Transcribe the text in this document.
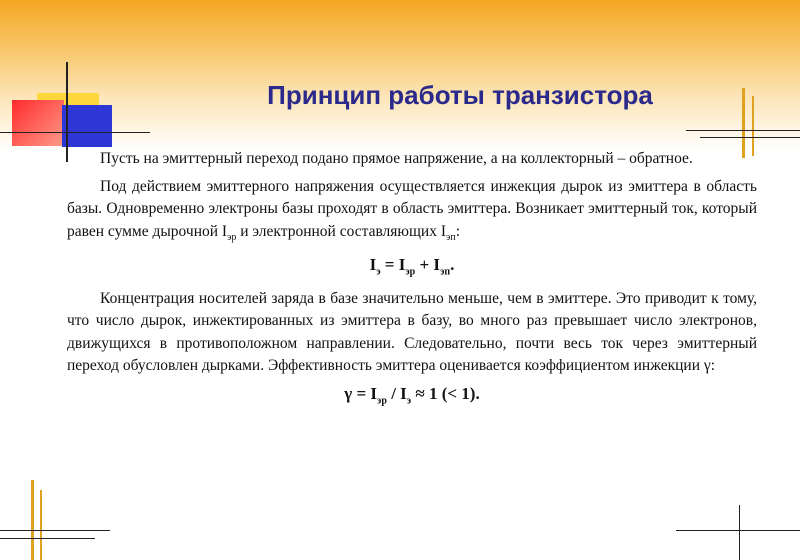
Принцип работы транзистора

Пусть на эмиттерный переход подано прямое напряжение, а на коллекторный – обратное.

Под действием эмиттерного напряжения осуществляется инжекция дырок из эмиттера в область базы. Одновременно электроны базы проходят в область эмиттера. Возникает эмиттерный ток, который равен сумме дырочной $I_{эр}$ и электронной составляющих $I_{эп}$:

$I_э = I_{эр} + I_{эп}$.

Концентрация носителей заряда в базе значительно меньше, чем в эмиттере. Это приводит к тому, что число дырок, инжектированных из эмиттера в базу, во много раз превышает число электронов, движущихся в противоположном направлении. Следовательно, почти весь ток через эмиттерный переход обусловлен дырками. Эффективность эмиттера оценивается коэффициентом инжекции γ:

$\gamma = I_{эр} / I_э \approx 1$ (< 1).
